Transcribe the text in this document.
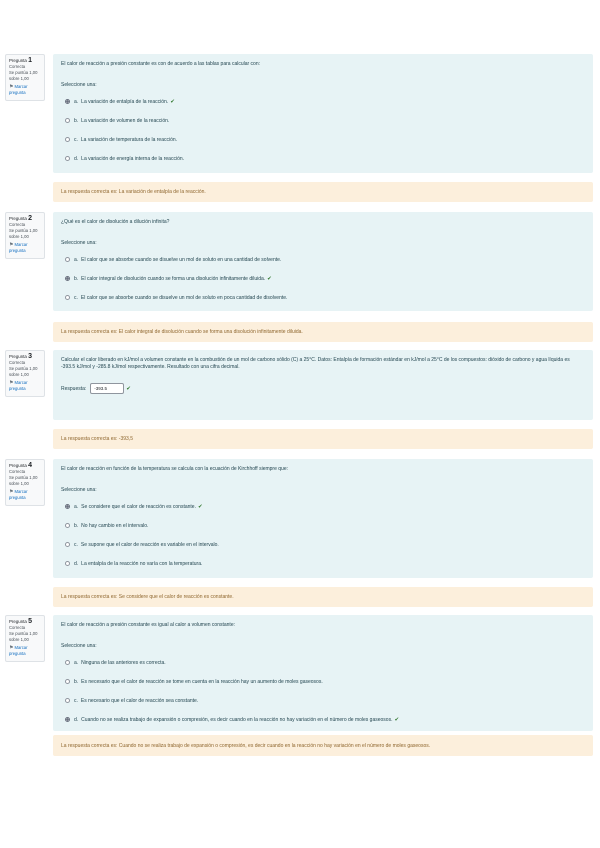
Pregunta 1
Correcta
Se puntúa 1,00 sobre 1,00
⚑Marcar pregunta
El calor de reacción a presión constante es con de acuerdo a las tablas para calcular con:
Seleccione una:
a. La variación de entalpía de la reacción. ✔
b. La variación de volumen de la reacción.
c. La variación de temperatura de la reacción.
d. La variación de energía interna de la reacción.
La respuesta correcta es: La variación de entalpía de la reacción.
Pregunta 2
Correcta
Se puntúa 1,00 sobre 1,00
⚑Marcar pregunta
¿Qué es el calor de disolución a dilución infinita?
Seleccione una:
a. El calor que se absorbe cuando se disuelve un mol de soluto en una cantidad de solvente.
b. El calor integral de disolución cuando se forma una disolución infinitamente diluida. ✔
c. El calor que se absorbe cuando se disuelve un mol de soluto en poca cantidad de disolvente.
La respuesta correcta es: El calor integral de disolución cuando se forma una disolución infinitamente diluida.
Pregunta 3
Correcta
Se puntúa 1,00 sobre 1,00
⚑Marcar pregunta
Calcular el calor liberado en kJ/mol a volumen constante en la combustión de un mol de carbono sólido (C) a 25°C. Datos: Entalpía de formación estándar en kJ/mol a 25°C de los compuestos: dióxido de carbono y agua líquida es -393.5 kJ/mol y -285.8 kJ/mol respectivamente. Resultado con una cifra decimal.
Respuesta:	-393.5	✔
La respuesta correcta es: -393,5
Pregunta 4
Correcta
Se puntúa 1,00 sobre 1,00
⚑Marcar pregunta
El calor de reacción en función de la temperatura se calcula con la ecuación de Kirchhoff siempre que:
Seleccione una:
a. Se considere que el calor de reacción es constante. ✔
b. No hay cambio en el intervalo.
c. Se supone que el calor de reacción es variable en el intervalo.
d. La entalpía de la reacción no varía con la temperatura.
La respuesta correcta es: Se considere que el calor de reacción es constante.
Pregunta 5
Correcta
Se puntúa 1,00 sobre 1,00
⚑Marcar pregunta
El calor de reacción a presión constante es igual al calor a volumen constante:
Seleccione una:
a. Ninguna de las anteriores es correcta.
b. Es necesario que el calor de reacción se tome en cuenta en la reacción hay un aumento de moles gaseosos.
c. Es necesario que el calor de reacción sea constante.
d. Cuando no se realiza trabajo de expansión o compresión, es decir cuando en la reacción no hay variación en el número de moles gaseosos. ✔
La respuesta correcta es: Cuando no se realiza trabajo de expansión o compresión, es decir cuando en la reacción no hay variación en el número de moles gaseosos.
